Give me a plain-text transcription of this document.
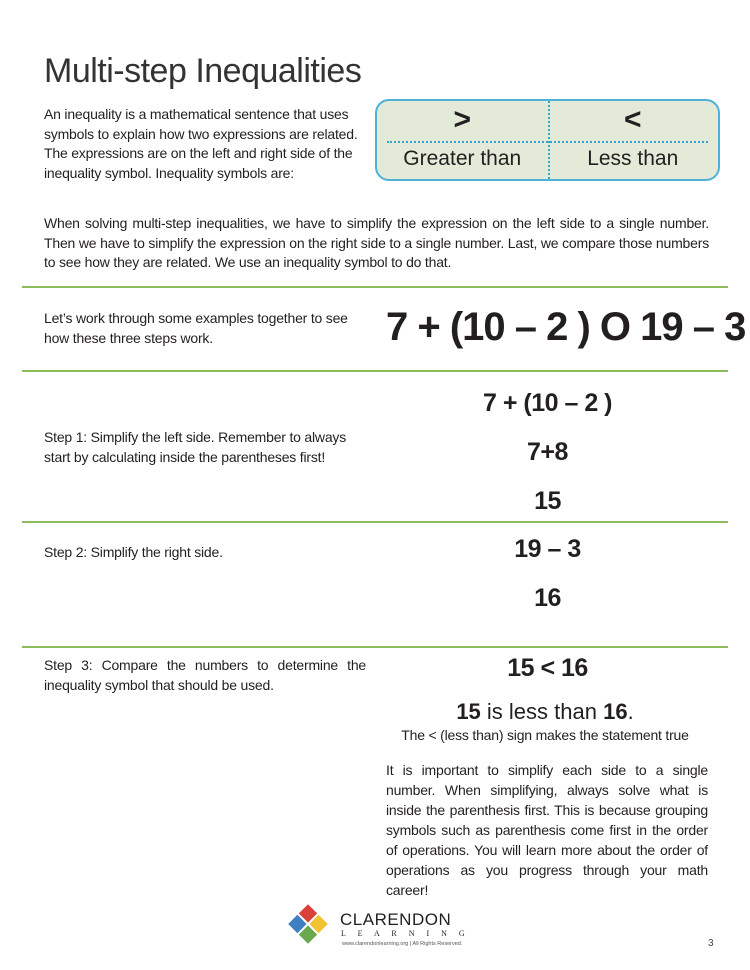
Multi-step Inequalities
An inequality is a mathematical sentence that uses symbols to explain how two expressions are related. The expressions are on the left and right side of the inequality symbol. Inequality symbols are:
>	<
Greater than	Less than
When solving multi-step inequalities, we have to simplify the expression on the left side to a single number. Then we have to simplify the expression on the right side to a single number. Last, we compare those numbers to see how they are related. We use an inequality symbol to do that.
Let’s work through some examples together to see how these three steps work.	7 + (10 – 2 ) O 19 – 3
Step 1: Simplify the left side. Remember to always start by calculating inside the parentheses first!
7 + (10 – 2 )
7+8
15
Step 2: Simplify the right side.	19 – 3
16
Step 3: Compare the numbers to determine the inequality symbol that should be used.
15 < 16
15 is less than 16.
The < (less than) sign makes the statement true
It is important to simplify each side to a single number. When simplifying, always solve what is inside the parenthesis first. This is because grouping symbols such as parenthesis come first in the order of operations. You will learn more about the order of operations as you progress through your math career!
CLARENDON
L E A R N I N G
www.clarendonlearning.org | All Rights Reserved.	3
